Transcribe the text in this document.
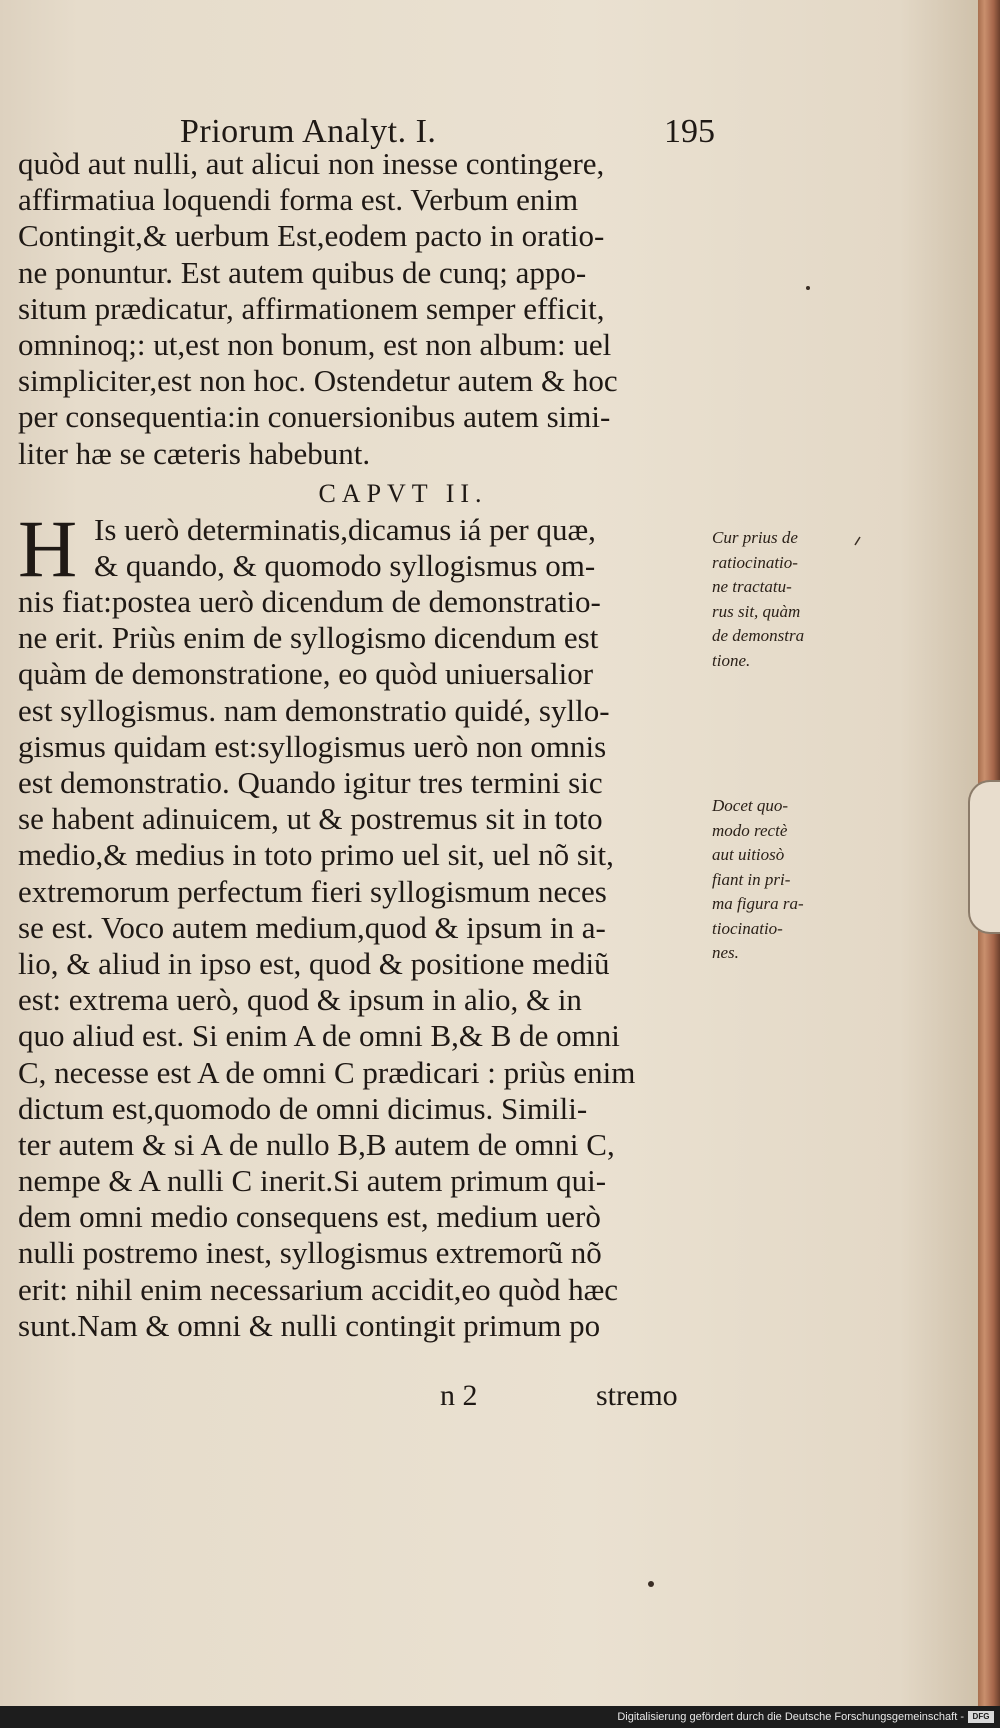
Priorum Analyt. I.	195
quòd aut nulli, aut alicui non inesse contingere,
affirmatiua loquendi forma est. Verbum enim
Contingit,& uerbum Est,eodem pacto in oratio-
ne ponuntur. Est autem quibus de cunq; appo-
situm prædicatur, affirmationem semper efficit,
omninoq;: ut,est non bonum, est non album: uel
simpliciter,est non hoc. Ostendetur autem & hoc
per consequentia:in conuersionibus autem simi-
liter hæ se cæteris habebunt.
CAPVT II.
H Is uerò determinatis,dicamus iá per quæ,
& quando, & quomodo syllogismus om-
nis fiat:postea uerò dicendum de demonstratio-
ne erit. Priùs enim de syllogismo dicendum est
quàm de demonstratione, eo quòd uniuersalior
est syllogismus. nam demonstratio quidé, syllo-
gismus quidam est:syllogismus uerò non omnis
est demonstratio. Quando igitur tres termini sic
se habent adinuicem, ut & postremus sit in toto
medio,& medius in toto primo uel sit, uel nõ sit,
extremorum perfectum fieri syllogismum neces
se est. Voco autem medium,quod & ipsum in a-
lio, & aliud in ipso est, quod & positione mediũ
est: extrema uerò, quod & ipsum in alio, & in
quo aliud est. Si enim A de omni B,& B de omni
C, necesse est A de omni C prædicari : priùs enim
dictum est,quomodo de omni dicimus. Simili-
ter autem & si A de nullo B,B autem de omni C,
nempe & A nulli C inerit.Si autem primum qui-
dem omni medio consequens est, medium uerò
nulli postremo inest, syllogismus extremorũ nõ
erit: nihil enim necessarium accidit,eo quòd hæc
sunt.Nam & omni & nulli contingit primum po
Cur prius de
ratiocinatio-
ne tractatu-
rus sit, quàm
de demonstra
tione.
Docet quo-
modo rectè
aut uitiosò
fiant in pri-
ma figura ra-
tiocinatio-
nes.
n 2	stremo
Digitalisierung gefördert durch die Deutsche Forschungsgemeinschaft -	DFG
